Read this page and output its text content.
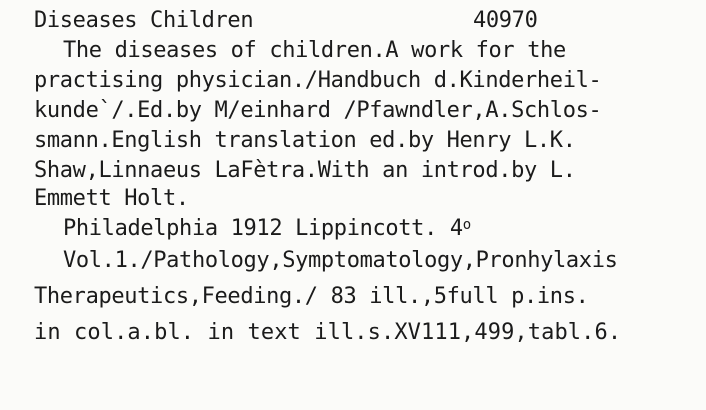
Diseases Children	40970
The diseases of children.A work for the
practising physician./Handbuch d.Kinderheil-
kunde`/.Ed.by M/einhard /Pfawndler,A.Schlos-
smann.English translation ed.by Henry L.K.
Shaw,Linnaeus LaFètra.With an introd.by L.
Emmett Holt.
Philadelphia 1912 Lippincott. 4$^o$
Vol.1./Pathology,Symptomatology,Pronhylaxis
Therapeutics,Feeding./ 83 ill.,5full p.ins.
in col.a.bl. in text ill.s.XV111,499,tabl.6.
